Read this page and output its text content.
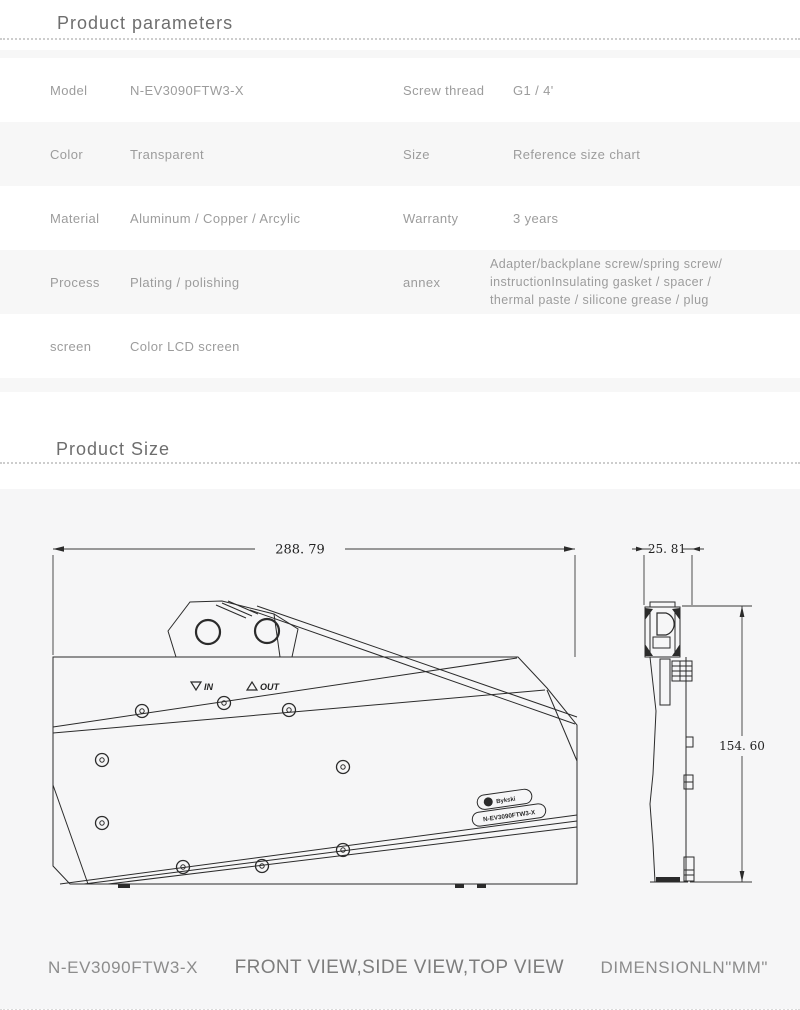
Product parameters
Model	N-EV3090FTW3-X	Screw thread	G1 / 4'
Color	Transparent	Size	Reference size chart
Material	Aluminum / Copper / Arcylic	Warranty	3 years
Process	Plating / polishing	annex
Adapter/backplane screw/spring screw/
instructionInsulating gasket / spacer /
thermal paste / silicone grease / plug
screen	Color LCD screen
Product Size
288. 79
IN	OUT
Bykski
N-EV3090FTW3-X
25. 81
154. 60
N-EV3090FTW3-X FRONT VIEW,SIDE VIEW,TOP VIEW DIMENSIONLN"MM"
